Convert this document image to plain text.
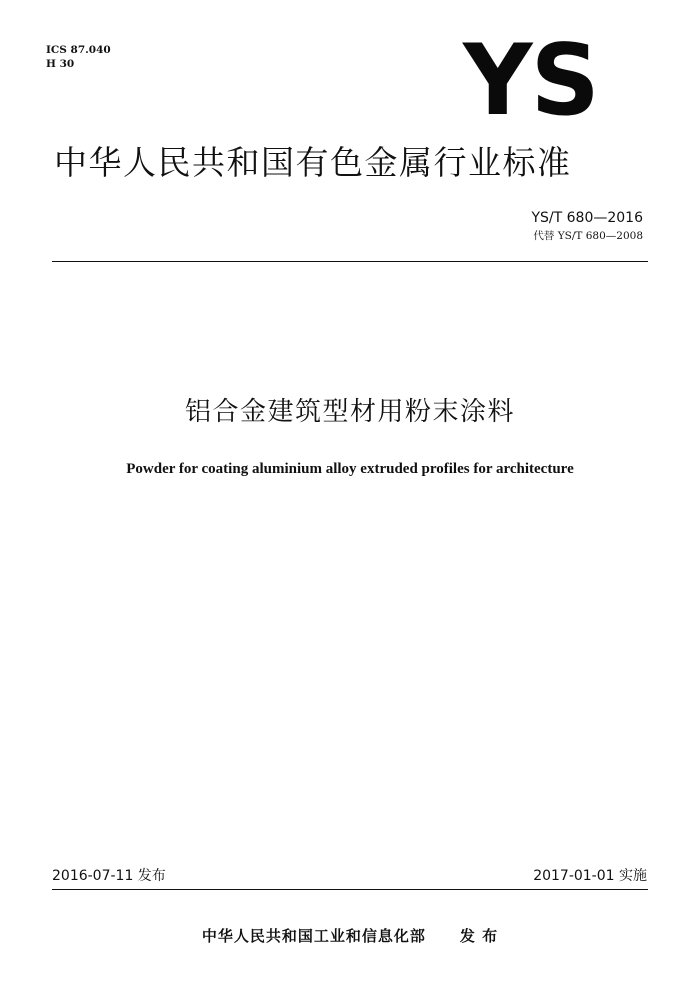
ICS 87.040
H 30	YS
中华人民共和国有色金属行业标准
YS/T 680—2016
代替 YS/T 680—2008
铝合金建筑型材用粉末涂料
Powder for coating aluminium alloy extruded profiles for architecture
2016-07-11 发布	2017-01-01 实施
中华人民共和国工业和信息化部 发 布
